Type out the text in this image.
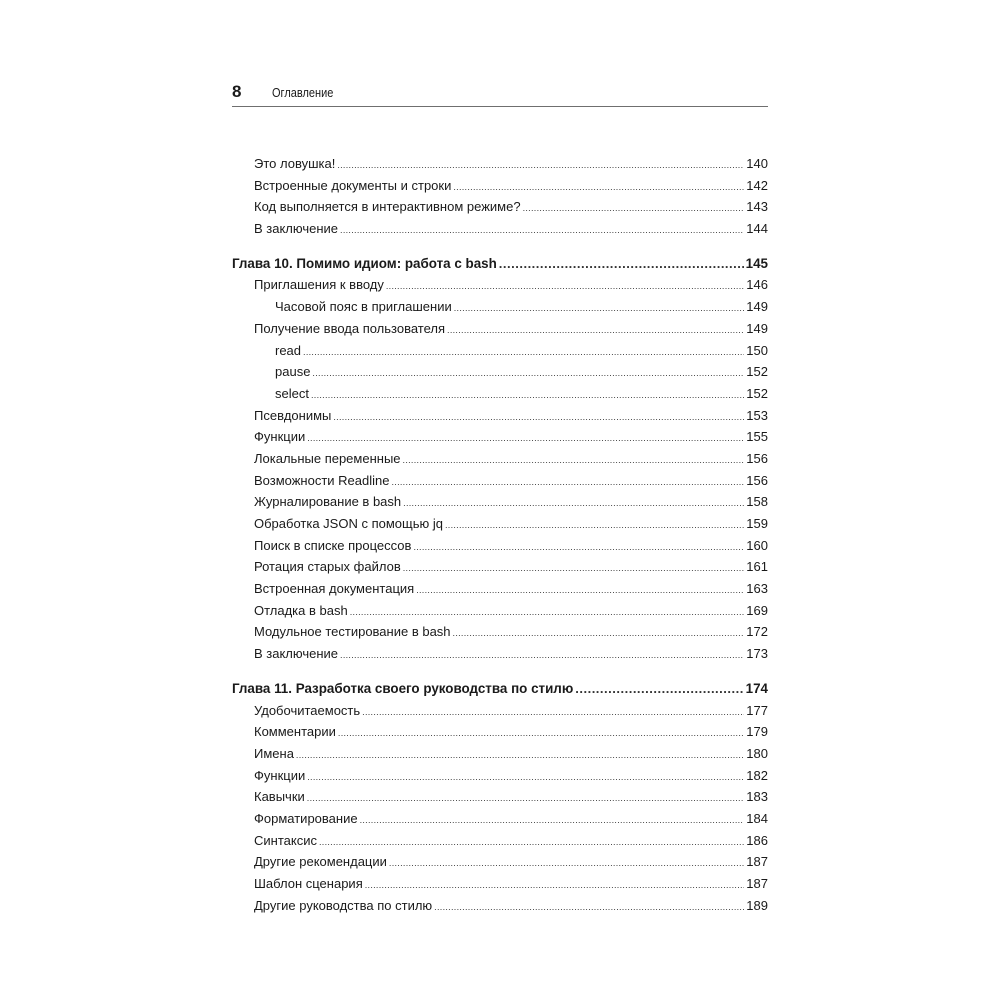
8 Оглавление
Это ловушка! .....	140
Встроенные документы и строки .....	142
Код выполняется в интерактивном режиме? .....	143
В заключение .....	144
Глава 10. Помимо идиом: работа с bash .....	145
Приглашения к вводу .....	146
Часовой пояс в приглашении .....	149
Получение ввода пользователя .....	149
read .....	150
pause .....	152
select .....	152
Псевдонимы .....	153
Функции .....	155
Локальные переменные .....	156
Возможности Readline .....	156
Журналирование в bash .....	158
Обработка JSON с помощью jq .....	159
Поиск в списке процессов .....	160
Ротация старых файлов .....	161
Встроенная документация .....	163
Отладка в bash .....	169
Модульное тестирование в bash .....	172
В заключение .....	173
Глава 11. Разработка своего руководства по стилю .....	174
Удобочитаемость .....	177
Комментарии .....	179
Имена .....	180
Функции .....	182
Кавычки .....	183
Форматирование .....	184
Синтаксис .....	186
Другие рекомендации .....	187
Шаблон сценария .....	187
Другие руководства по стилю .....	189
